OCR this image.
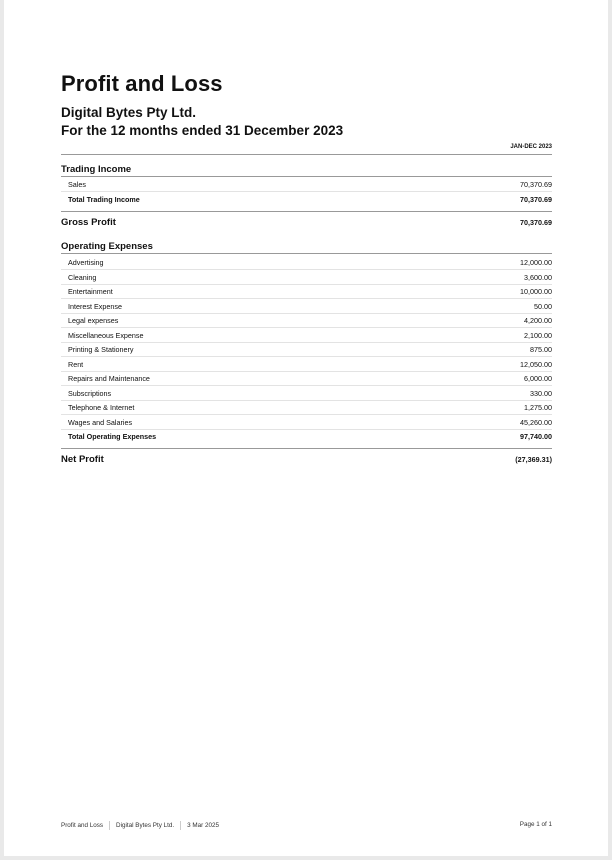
Profit and Loss
Digital Bytes Pty Ltd.
For the 12 months ended 31 December 2023
JAN-DEC 2023
Trading Income
Sales	70,370.69
Total Trading Income	70,370.69
Gross Profit	70,370.69
Operating Expenses
Advertising	12,000.00
Cleaning	3,600.00
Entertainment	10,000.00
Interest Expense	50.00
Legal expenses	4,200.00
Miscellaneous Expense	2,100.00
Printing & Stationery	875.00
Rent	12,050.00
Repairs and Maintenance	6,000.00
Subscriptions	330.00
Telephone & Internet	1,275.00
Wages and Salaries	45,260.00
Total Operating Expenses	97,740.00
Net Profit	(27,369.31)
Profit and Loss Digital Bytes Pty Ltd. 3 Mar 2025	Page 1 of 1
